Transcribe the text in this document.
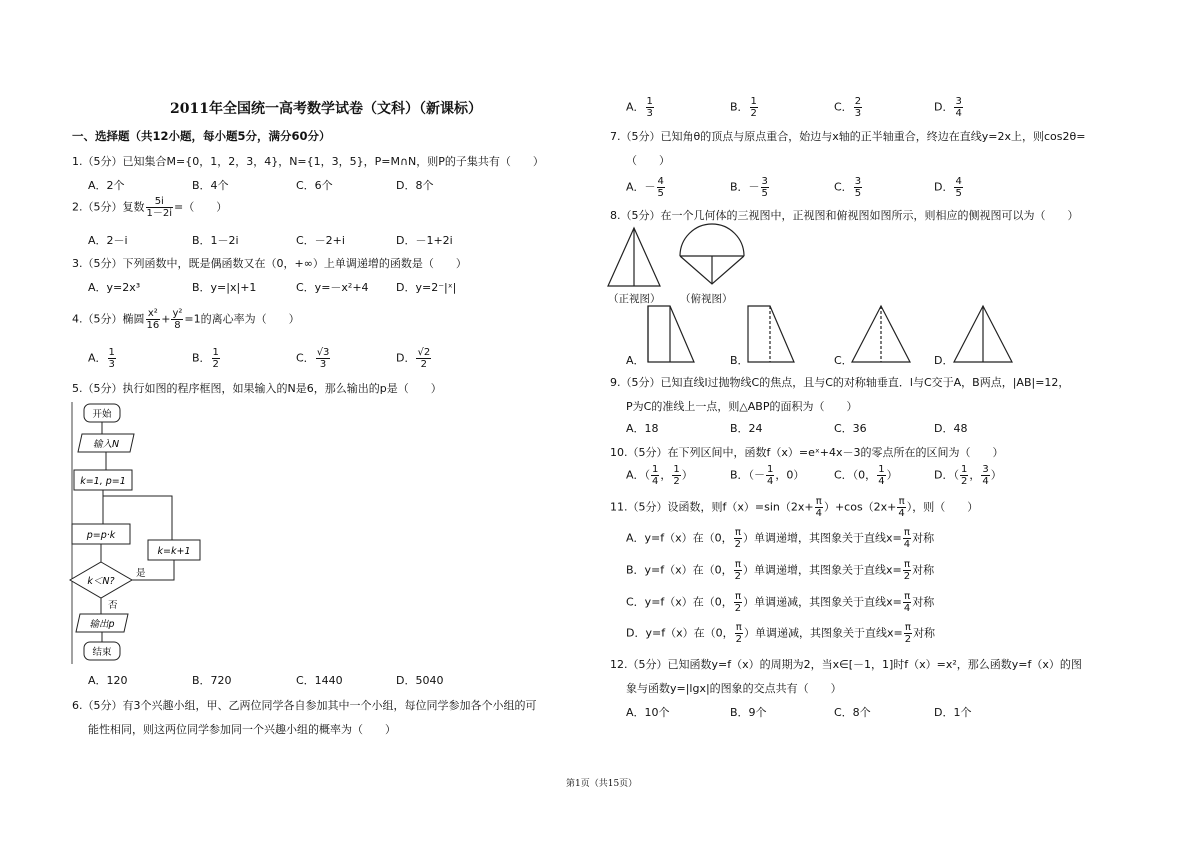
2011年全国统一高考数学试卷（文科）（新课标）
一、选择题（共12小题，每小题5分，满分60分）
1.（5分）已知集合M={0，1，2，3，4}，N={1，3，5}，P=M∩N，则P的子集共有（　　）
A．2个	B．4个	C．6个	D．8个
2.（5分）复数 $\frac{5i}{1-2i}$ =（　　）
A．2－i	B．1－2i	C．－2+i	D．－1+2i
3.（5分）下列函数中，既是偶函数又在（0，+∞）上单调递增的函数是（　　）
A．y=2x³	B．y=|x|+1	C．y=－x²+4 D．y=2⁻|ˣ|
4.（5分）椭圆 $\frac{\text{x²}}{16} + \frac{\text{y²}}{8} =1$的离心率为（　　）
A． $\frac{1}{3}$	B． $\frac{1}{2}$	C． $\frac{√3}{3}$	D． $\frac{√2}{2}$
5.（5分）执行如图的程序框图，如果输入的N是6，那么输出的p是（　　）
开始
输入N
k=1, p=1
p=p·k
k=k+1
k＜N?
是
否
输出p
结束
A．120	B．720	C．1440	D．5040
6.（5分）有3个兴趣小组，甲、乙两位同学各自参加其中一个小组，每位同学参加各个小组的可
能性相同，则这两位同学参加同一个兴趣小组的概率为（　　）
A． $\frac{1}{3}$	B． $\frac{1}{2}$	C． $\frac{2}{3}$	D． $\frac{3}{4}$
7.（5分）已知角θ的顶点与原点重合，始边与x轴的正半轴重合，终边在直线y=2x上，则cos2θ=
（　　）
A．－ $\frac{4}{5}$	B．－ $\frac{3}{5}$	C． $\frac{3}{5}$	D． $\frac{4}{5}$
8.（5分）在一个几何体的三视图中，正视图和俯视图如图所示，则相应的侧视图可以为（　　）
（正视图） （俯视图）
A．	B．	C．	D．
9.（5分）已知直线l过抛物线C的焦点，且与C的对称轴垂直．l与C交于A，B两点，|AB|=12，
P为C的准线上一点，则△ABP的面积为（　　）
A．18	B．24	C．36	D．48
10.（5分）在下列区间中，函数f（x）=eˣ+4x－3的零点所在的区间为（　　）
A．（ $\frac{1}{4}$ ， $\frac{1}{2}$ ）	B．（－ $\frac{1}{4}$ ，0）	C．（0， $\frac{1}{4}$ ）	D．（ $\frac{1}{2}$ ， $\frac{3}{4}$ ）
11.（5分）设函数，则$f(x)=\sin(2x+ \frac{\pi}{4} )+\cos(2x+ \frac{\pi}{4}$ ），则（　　）
A．y=f（x）在（0， $\frac{\pi}{2}$ ）单调递增，其图象关于直线$x= \frac{\pi}{4}$ 对称
B．y=f（x）在（0， $\frac{\pi}{2}$ ）单调递增，其图象关于直线$x= \frac{\pi}{2}$ 对称
C．y=f（x）在（0， $\frac{\pi}{2}$ ）单调递减，其图象关于直线$x= \frac{\pi}{4}$ 对称
D．y=f（x）在（0， $\frac{\pi}{2}$ ）单调递减，其图象关于直线$x= \frac{\pi}{2}$ 对称
12.（5分）已知函数y=f（x）的周期为2，当x∈[－1，1]时f（x）=x²，那么函数y=f（x）的图
象与函数y=|lgx|的图象的交点共有（　　）
A．10个	B．9个	C．8个	D．1个
第1页（共15页）
